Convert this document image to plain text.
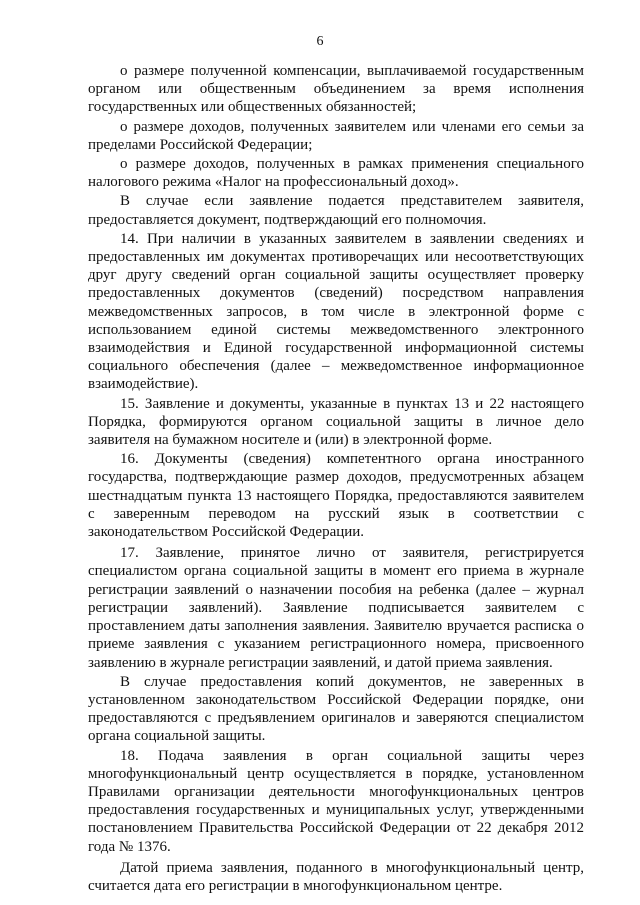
6

о размере полученной компенсации, выплачиваемой государственным органом или общественным объединением за время исполнения государственных или общественных обязанностей;

о размере доходов, полученных заявителем или членами его семьи за пределами Российской Федерации;

о размере доходов, полученных в рамках применения специального налогового режима «Налог на профессиональный доход».

В случае если заявление подается представителем заявителя, предоставляется документ, подтверждающий его полномочия.

14. При наличии в указанных заявителем в заявлении сведениях и предоставленных им документах противоречащих или несоответствующих друг другу сведений орган социальной защиты осуществляет проверку предоставленных документов (сведений) посредством направления межведомственных запросов, в том числе в электронной форме с использованием единой системы межведомственного электронного взаимодействия и Единой государственной информационной системы социального обеспечения (далее – межведомственное информационное взаимодействие).

15. Заявление и документы, указанные в пунктах 13 и 22 настоящего Порядка, формируются органом социальной защиты в личное дело заявителя на бумажном носителе и (или) в электронной форме.

16. Документы (сведения) компетентного органа иностранного государства, подтверждающие размер доходов, предусмотренных абзацем шестнадцатым пункта 13 настоящего Порядка, предоставляются заявителем с заверенным переводом на русский язык в соответствии с законодательством Российской Федерации.

17. Заявление, принятое лично от заявителя, регистрируется специалистом органа социальной защиты в момент его приема в журнале регистрации заявлений о назначении пособия на ребенка (далее – журнал регистрации заявлений). Заявление подписывается заявителем с проставлением даты заполнения заявления. Заявителю вручается расписка о приеме заявления с указанием регистрационного номера, присвоенного заявлению в журнале регистрации заявлений, и датой приема заявления.

В случае предоставления копий документов, не заверенных в установленном законодательством Российской Федерации порядке, они предоставляются с предъявлением оригиналов и заверяются специалистом органа социальной защиты.

18. Подача заявления в орган социальной защиты через многофункциональный центр осуществляется в порядке, установленном Правилами организации деятельности многофункциональных центров предоставления государственных и муниципальных услуг, утвержденными постановлением Правительства Российской Федерации от 22 декабря 2012 года № 1376.

Датой приема заявления, поданного в многофункциональный центр, считается дата его регистрации в многофункциональном центре.
